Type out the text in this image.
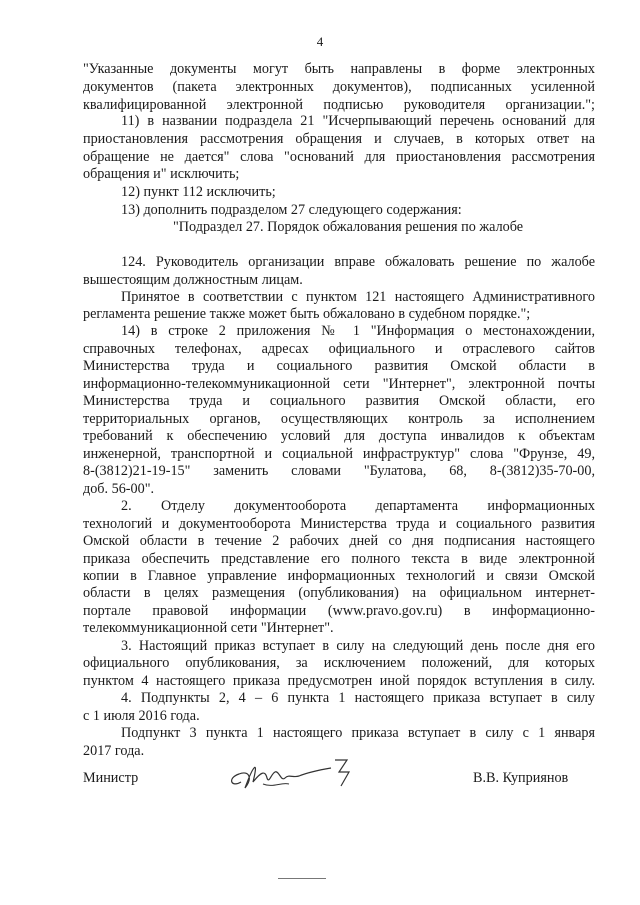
4
"Указанные документы могут быть направлены в форме электронных
документов (пакета электронных документов), подписанных усиленной
квалифицированной электронной подписью руководителя организации.";
11) в названии подраздела 21 "Исчерпывающий перечень оснований для
приостановления рассмотрения обращения и случаев, в которых ответ на
обращение не дается" слова "оснований для приостановления рассмотрения
обращения и" исключить;
12) пункт 112 исключить;
13) дополнить подразделом 27 следующего содержания:
"Подраздел 27. Порядок обжалования решения по жалобе
124. Руководитель организации вправе обжаловать решение по жалобе
вышестоящим должностным лицам.
Принятое в соответствии с пунктом 121 настоящего Административного
регламента решение также может быть обжаловано в судебном порядке.";
14) в строке 2 приложения № 1 "Информация о местонахождении,
справочных телефонах, адресах официального и отраслевого сайтов
Министерства труда и социального развития Омской области в
информационно-телекоммуникационной сети "Интернет", электронной почты
Министерства труда и социального развития Омской области, его
территориальных органов, осуществляющих контроль за исполнением
требований к обеспечению условий для доступа инвалидов к объектам
инженерной, транспортной и социальной инфраструктур" слова "Фрунзе, 49,
8-(3812)21-19-15" заменить словами "Булатова, 68, 8-(3812)35-70-00,
доб. 56-00".
2. Отделу документооборота департамента информационных
технологий и документооборота Министерства труда и социального развития
Омской области в течение 2 рабочих дней со дня подписания настоящего
приказа обеспечить представление его полного текста в виде электронной
копии в Главное управление информационных технологий и связи Омской
области в целях размещения (опубликования) на официальном интернет-
портале правовой информации (www.pravo.gov.ru) в информационно-
телекоммуникационной сети "Интернет".
3. Настоящий приказ вступает в силу на следующий день после дня его
официального опубликования, за исключением положений, для которых
пунктом 4 настоящего приказа предусмотрен иной порядок вступления в силу.
4. Подпункты 2, 4 – 6 пункта 1 настоящего приказа вступает в силу
с 1 июля 2016 года.
Подпункт 3 пункта 1 настоящего приказа вступает в силу с 1 января
2017 года.
Министр	В.В. Куприянов
